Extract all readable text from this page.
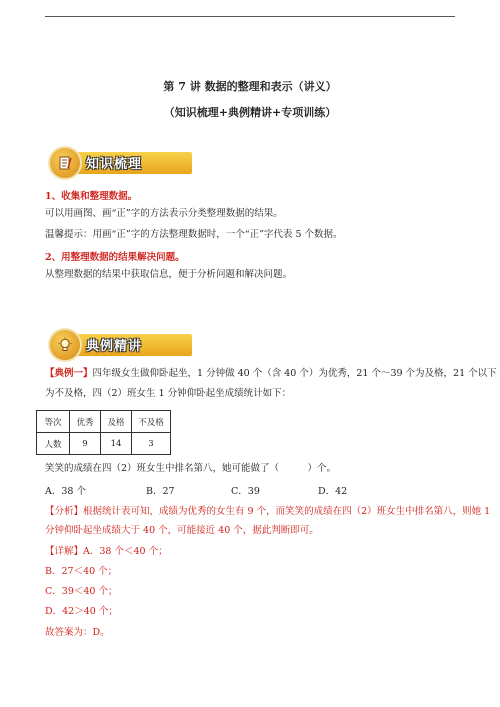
第 7 讲 数据的整理和表示（讲义）
（知识梳理+典例精讲+专项训练）
知识梳理
1、收集和整理数据。
可以用画图、画“正”字的方法表示分类整理数据的结果。
温馨提示：用画“正”字的方法整理数据时，一个“正”字代表 5 个数据。
2、用整理数据的结果解决问题。
从整理数据的结果中获取信息，便于分析问题和解决问题。
典例精讲
【典例一】四年级女生做仰卧起坐，1 分钟做 40 个（含 40 个）为优秀，21 个～39 个为及格，21 个以下
为不及格，四（2）班女生 1 分钟仰卧起坐成绩统计如下：
等次	优秀	及格	不及格
人数	9	14	3
笑笑的成绩在四（2）班女生中排名第八，她可能做了（　　　）个。
A．38 个	B．27	C．39	D．42
【分析】根据统计表可知，成绩为优秀的女生有 9 个，而笑笑的成绩在四（2）班女生中排名第八，则她 1
分钟仰卧起坐成绩大于 40 个，可能接近 40 个，据此判断即可。
【详解】A．38 个＜40 个；
B．27＜40 个；
C．39＜40 个；
D．42＞40 个；
故答案为：D。
